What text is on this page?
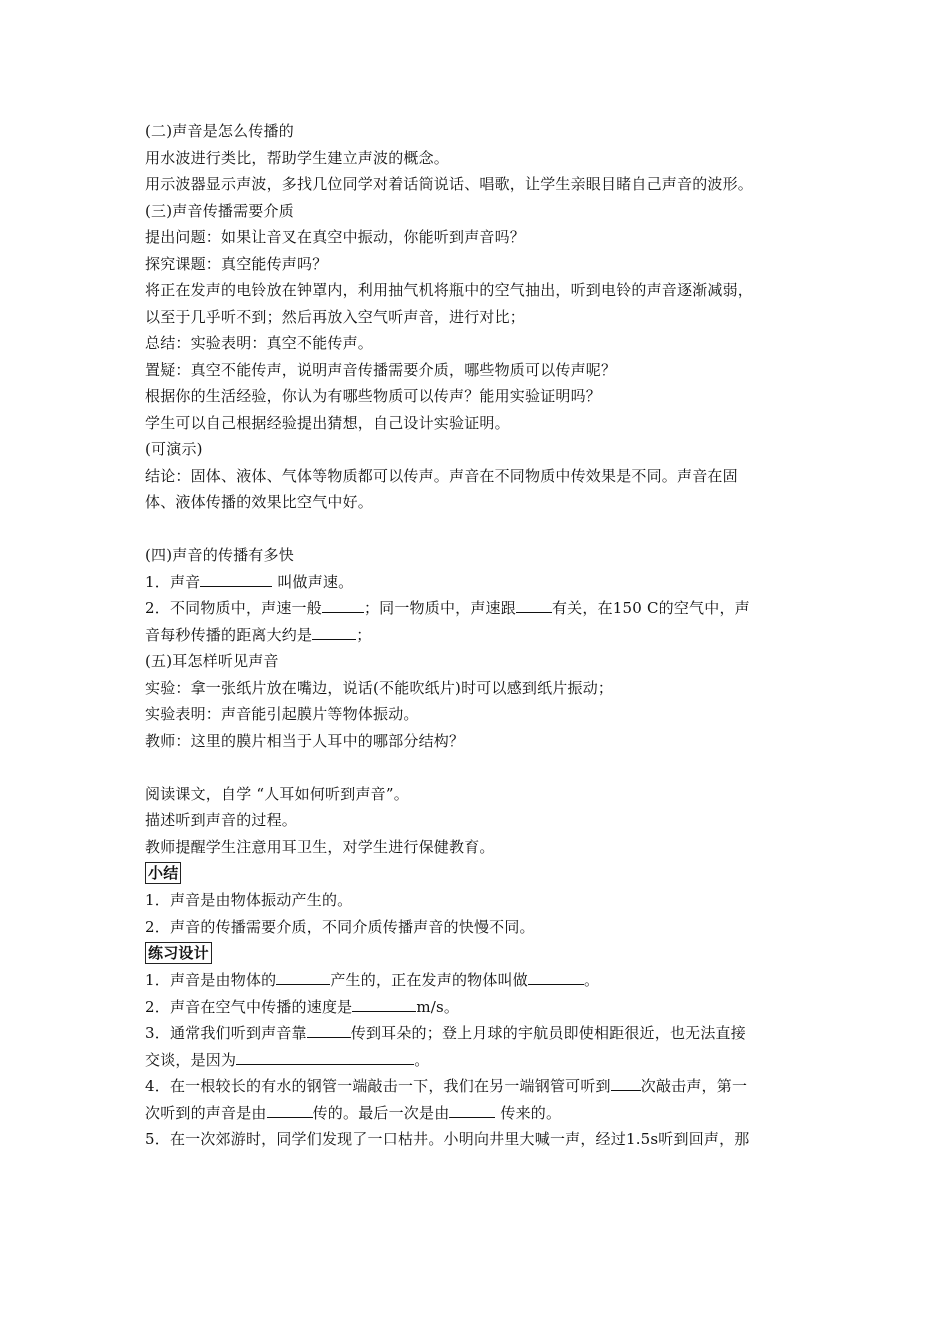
(二)声音是怎么传播的
用水波进行类比，帮助学生建立声波的概念。
用示波器显示声波，多找几位同学对着话筒说话、唱歌，让学生亲眼目睹自己声音的波形。
(三)声音传播需要介质
提出问题：如果让音叉在真空中振动，你能听到声音吗？
探究课题：真空能传声吗？
将正在发声的电铃放在钟罩内，利用抽气机将瓶中的空气抽出，听到电铃的声音逐渐减弱，
以至于几乎听不到；然后再放入空气听声音，进行对比；
总结：实验表明：真空不能传声。
置疑：真空不能传声，说明声音传播需要介质，哪些物质可以传声呢？
根据你的生活经验，你认为有哪些物质可以传声？能用实验证明吗？
学生可以自己根据经验提出猜想，自己设计实验证明。
(可演示)
结论：固体、液体、气体等物质都可以传声。声音在不同物质中传效果是不同。声音在固
体、液体传播的效果比空气中好。
(四)声音的传播有多快
1．声音	叫做声速。
2．不同物质中，声速一般	；同一物质中，声速跟 有关，在150 C的空气中，声
音每秒传播的距离大约是	；
(五)耳怎样听见声音
实验：拿一张纸片放在嘴边，说话(不能吹纸片)时可以感到纸片振动；
实验表明：声音能引起膜片等物体振动。
教师：这里的膜片相当于人耳中的哪部分结构？
阅读课文，自学 “人耳如何听到声音”。
描述听到声音的过程。
教师提醒学生注意用耳卫生，对学生进行保健教育。
小结
1．声音是由物体振动产生的。
2．声音的传播需要介质，不同介质传播声音的快慢不同。
练习设计
1．声音是由物体的	产生的，正在发声的物体叫做	。
2．声音在空气中传播的速度是	m/s。
3．通常我们听到声音靠	传到耳朵的；登上月球的宇航员即使相距很近，也无法直接
交谈，是因为	。
4．在一根较长的有水的钢管一端敲击一下，我们在另一端钢管可听到 次敲击声，第一
次听到的声音是由	传的。最后一次是由	传来的。
5．在一次郊游时，同学们发现了一口枯井。小明向井里大喊一声，经过1.5s听到回声，那
